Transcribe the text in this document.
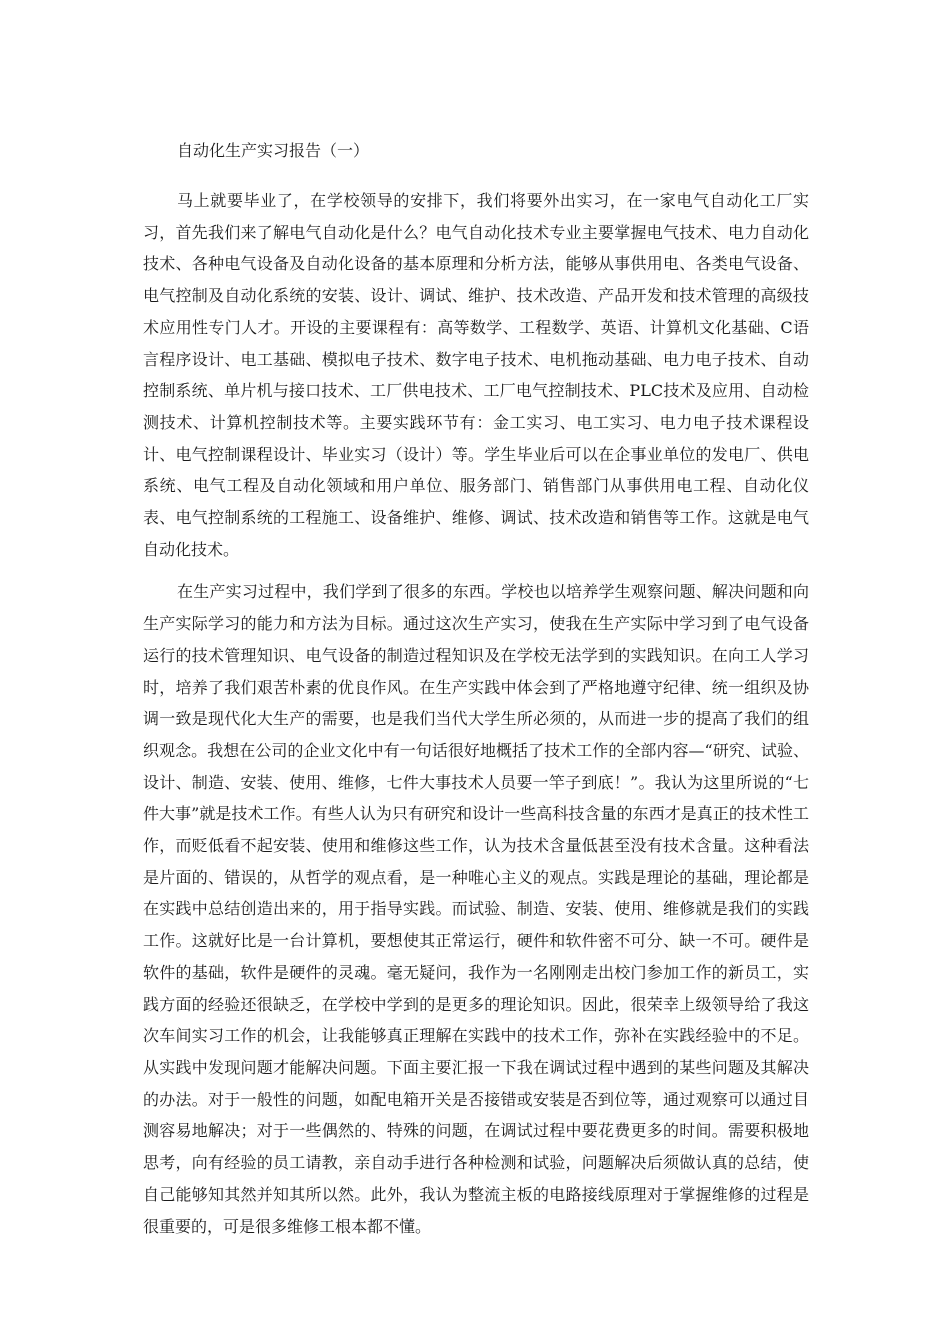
自动化生产实习报告（一）

马上就要毕业了，在学校领导的安排下，我们将要外出实习，在一家电气自动化工厂实习，首先我们来了解电气自动化是什么？电气自动化技术专业主要掌握电气技术、电力自动化技术、各种电气设备及自动化设备的基本原理和分析方法，能够从事供用电、各类电气设备、电气控制及自动化系统的安装、设计、调试、维护、技术改造、产品开发和技术管理的高级技术应用性专门人才。开设的主要课程有：高等数学、工程数学、英语、计算机文化基础、C语言程序设计、电工基础、模拟电子技术、数字电子技术、电机拖动基础、电力电子技术、自动控制系统、单片机与接口技术、工厂供电技术、工厂电气控制技术、PLC技术及应用、自动检测技术、计算机控制技术等。主要实践环节有：金工实习、电工实习、电力电子技术课程设计、电气控制课程设计、毕业实习（设计）等。学生毕业后可以在企事业单位的发电厂、供电系统、电气工程及自动化领域和用户单位、服务部门、销售部门从事供用电工程、自动化仪表、电气控制系统的工程施工、设备维护、维修、调试、技术改造和销售等工作。这就是电气自动化技术。

在生产实习过程中，我们学到了很多的东西。学校也以培养学生观察问题、解决问题和向生产实际学习的能力和方法为目标。通过这次生产实习，使我在生产实际中学习到了电气设备运行的技术管理知识、电气设备的制造过程知识及在学校无法学到的实践知识。在向工人学习时，培养了我们艰苦朴素的优良作风。在生产实践中体会到了严格地遵守纪律、统一组织及协调一致是现代化大生产的需要，也是我们当代大学生所必须的，从而进一步的提高了我们的组织观念。我想在公司的企业文化中有一句话很好地概括了技术工作的全部内容—“研究、试验、设计、制造、安装、使用、维修，七件大事技术人员要一竿子到底！”。我认为这里所说的“七件大事”就是技术工作。有些人认为只有研究和设计一些高科技含量的东西才是真正的技术性工作，而贬低看不起安装、使用和维修这些工作，认为技术含量低甚至没有技术含量。这种看法是片面的、错误的，从哲学的观点看，是一种唯心主义的观点。实践是理论的基础，理论都是在实践中总结创造出来的，用于指导实践。而试验、制造、安装、使用、维修就是我们的实践工作。这就好比是一台计算机，要想使其正常运行，硬件和软件密不可分、缺一不可。硬件是软件的基础，软件是硬件的灵魂。毫无疑问，我作为一名刚刚走出校门参加工作的新员工，实践方面的经验还很缺乏，在学校中学到的是更多的理论知识。因此，很荣幸上级领导给了我这次车间实习工作的机会，让我能够真正理解在实践中的技术工作，弥补在实践经验中的不足。从实践中发现问题才能解决问题。下面主要汇报一下我在调试过程中遇到的某些问题及其解决的办法。对于一般性的问题，如配电箱开关是否接错或安装是否到位等，通过观察可以通过目测容易地解决；对于一些偶然的、特殊的问题，在调试过程中要花费更多的时间。需要积极地思考，向有经验的员工请教，亲自动手进行各种检测和试验，问题解决后须做认真的总结，使自己能够知其然并知其所以然。此外，我认为整流主板的电路接线原理对于掌握维修的过程是很重要的，可是很多维修工根本都不懂。
